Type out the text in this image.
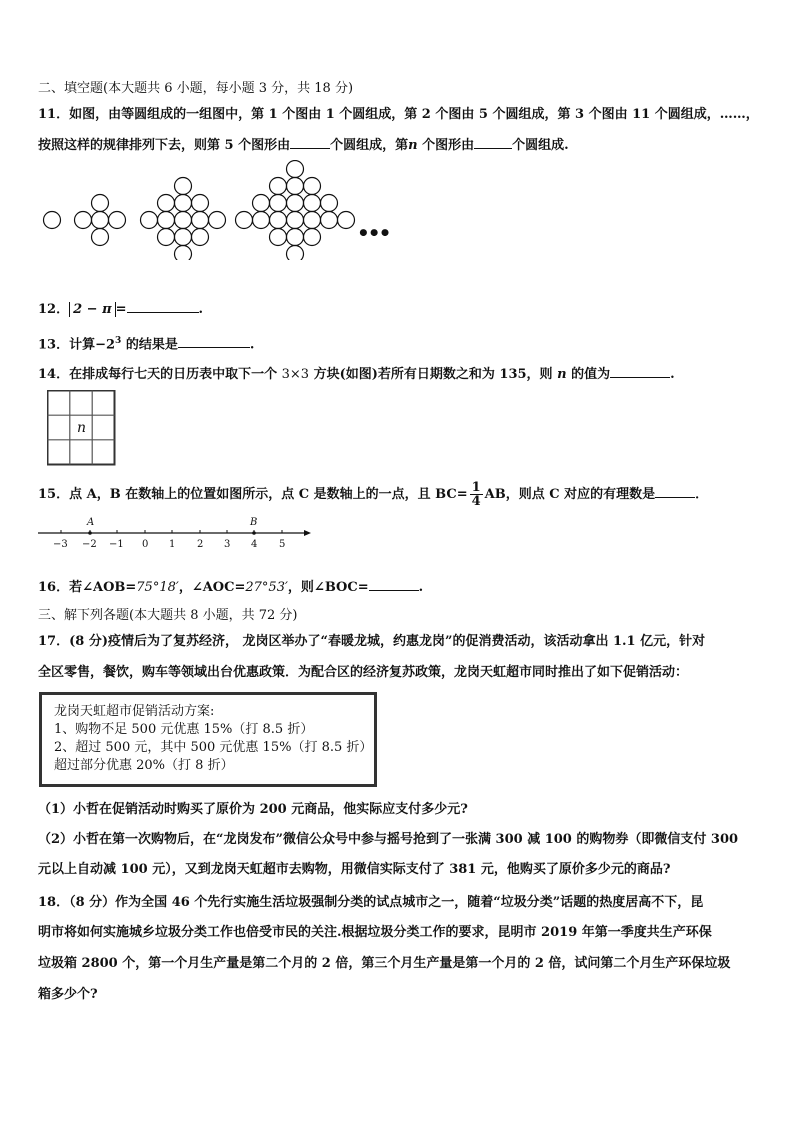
二、填空题(本大题共 6 小题，每小题 3 分，共 18 分)
11．如图，由等圆组成的一组图中，第 1 个图由 1 个圆组成，第 2 个图由 5 个圆组成，第 3 个图由 11 个圆组成，……，
按照这样的规律排列下去，则第 5 个图形由	个圆组成，第n 个图形由	个圆组成.
•••
12． 2 − π =	.
13．计算$-2^3$ 的结果是	.
14．在排成每行七天的日历表中取下一个 3×3 方块(如图)若所有日期数之和为 135，则 n 的值为	.
n
15．点 A，B 在数轴上的位置如图所示，点 C 是数轴上的一点，且 $BC= \frac{1}{4}$ AB，则点 C 对应的有理数是	．
A	B
−3 −2 −1 0 1 2 3 4 5
16．若∠AOB=75°18′，∠AOC=27°53′，则∠BOC=	.
三、解下列各题(本大题共 8 小题，共 72 分)
17．(8 分)疫情后为了复苏经济， 龙岗区举办了“春暖龙城，约惠龙岗”的促消费活动，该活动拿出 1.1 亿元，针对
全区零售，餐饮，购车等领域出台优惠政策．为配合区的经济复苏政策，龙岗天虹超市同时推出了如下促销活动：
龙岗天虹超市促销活动方案:
1、购物不足 500 元优惠 15%（打 8.5 折）
2、超过 500 元，其中 500 元优惠 15%（打 8.5 折）
超过部分优惠 20%（打 8 折）
（1）小哲在促销活动时购买了原价为 200 元商品，他实际应支付多少元?
（2）小哲在第一次购物后，在“龙岗发布”微信公众号中参与摇号抢到了一张满 300 减 100 的购物券（即微信支付 300
元以上自动减 100 元），又到龙岗天虹超市去购物，用微信实际支付了 381 元，他购买了原价多少元的商品?
18．（8 分）作为全国 46 个先行实施生活垃圾强制分类的试点城市之一，随着“垃圾分类”话题的热度居高不下，昆
明市将如何实施城乡垃圾分类工作也倍受市民的关注.根据垃圾分类工作的要求，昆明市 2019 年第一季度共生产环保
垃圾箱 2800 个，第一个月生产量是第二个月的 2 倍，第三个月生产量是第一个月的 2 倍，试问第二个月生产环保垃圾
箱多少个?
